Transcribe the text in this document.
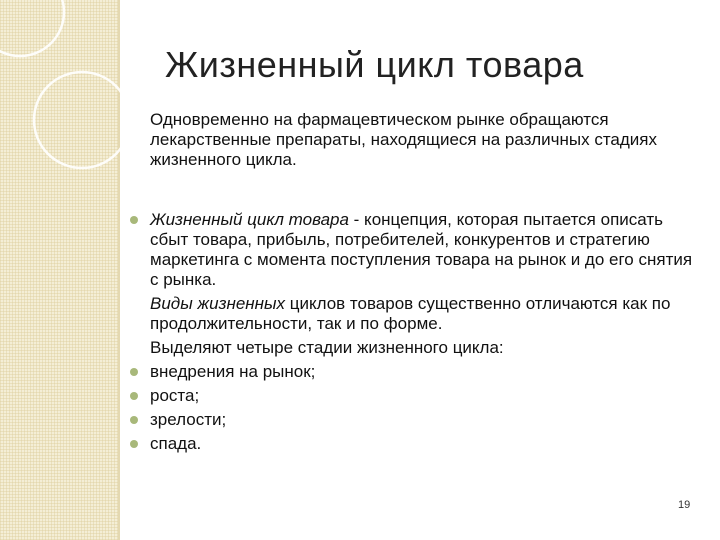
Жизненный цикл товара

Одновременно на фармацевтическом рынке обращаются лекарственные препараты, находящиеся на различных стадиях жизненного цикла.

Жизненный цикл товара - концепция, которая пытается описать сбыт товара, прибыль, потребителей, конкурентов и стратегию маркетинга с момента поступления товара на рынок и до его снятия с рынка.
Виды жизненных циклов товаров существенно отличаются как по продолжительности, так и по форме.
Выделяют четыре стадии жизненного цикла:
внедрения на рынок;
роста;
зрелости;
спада.
19
